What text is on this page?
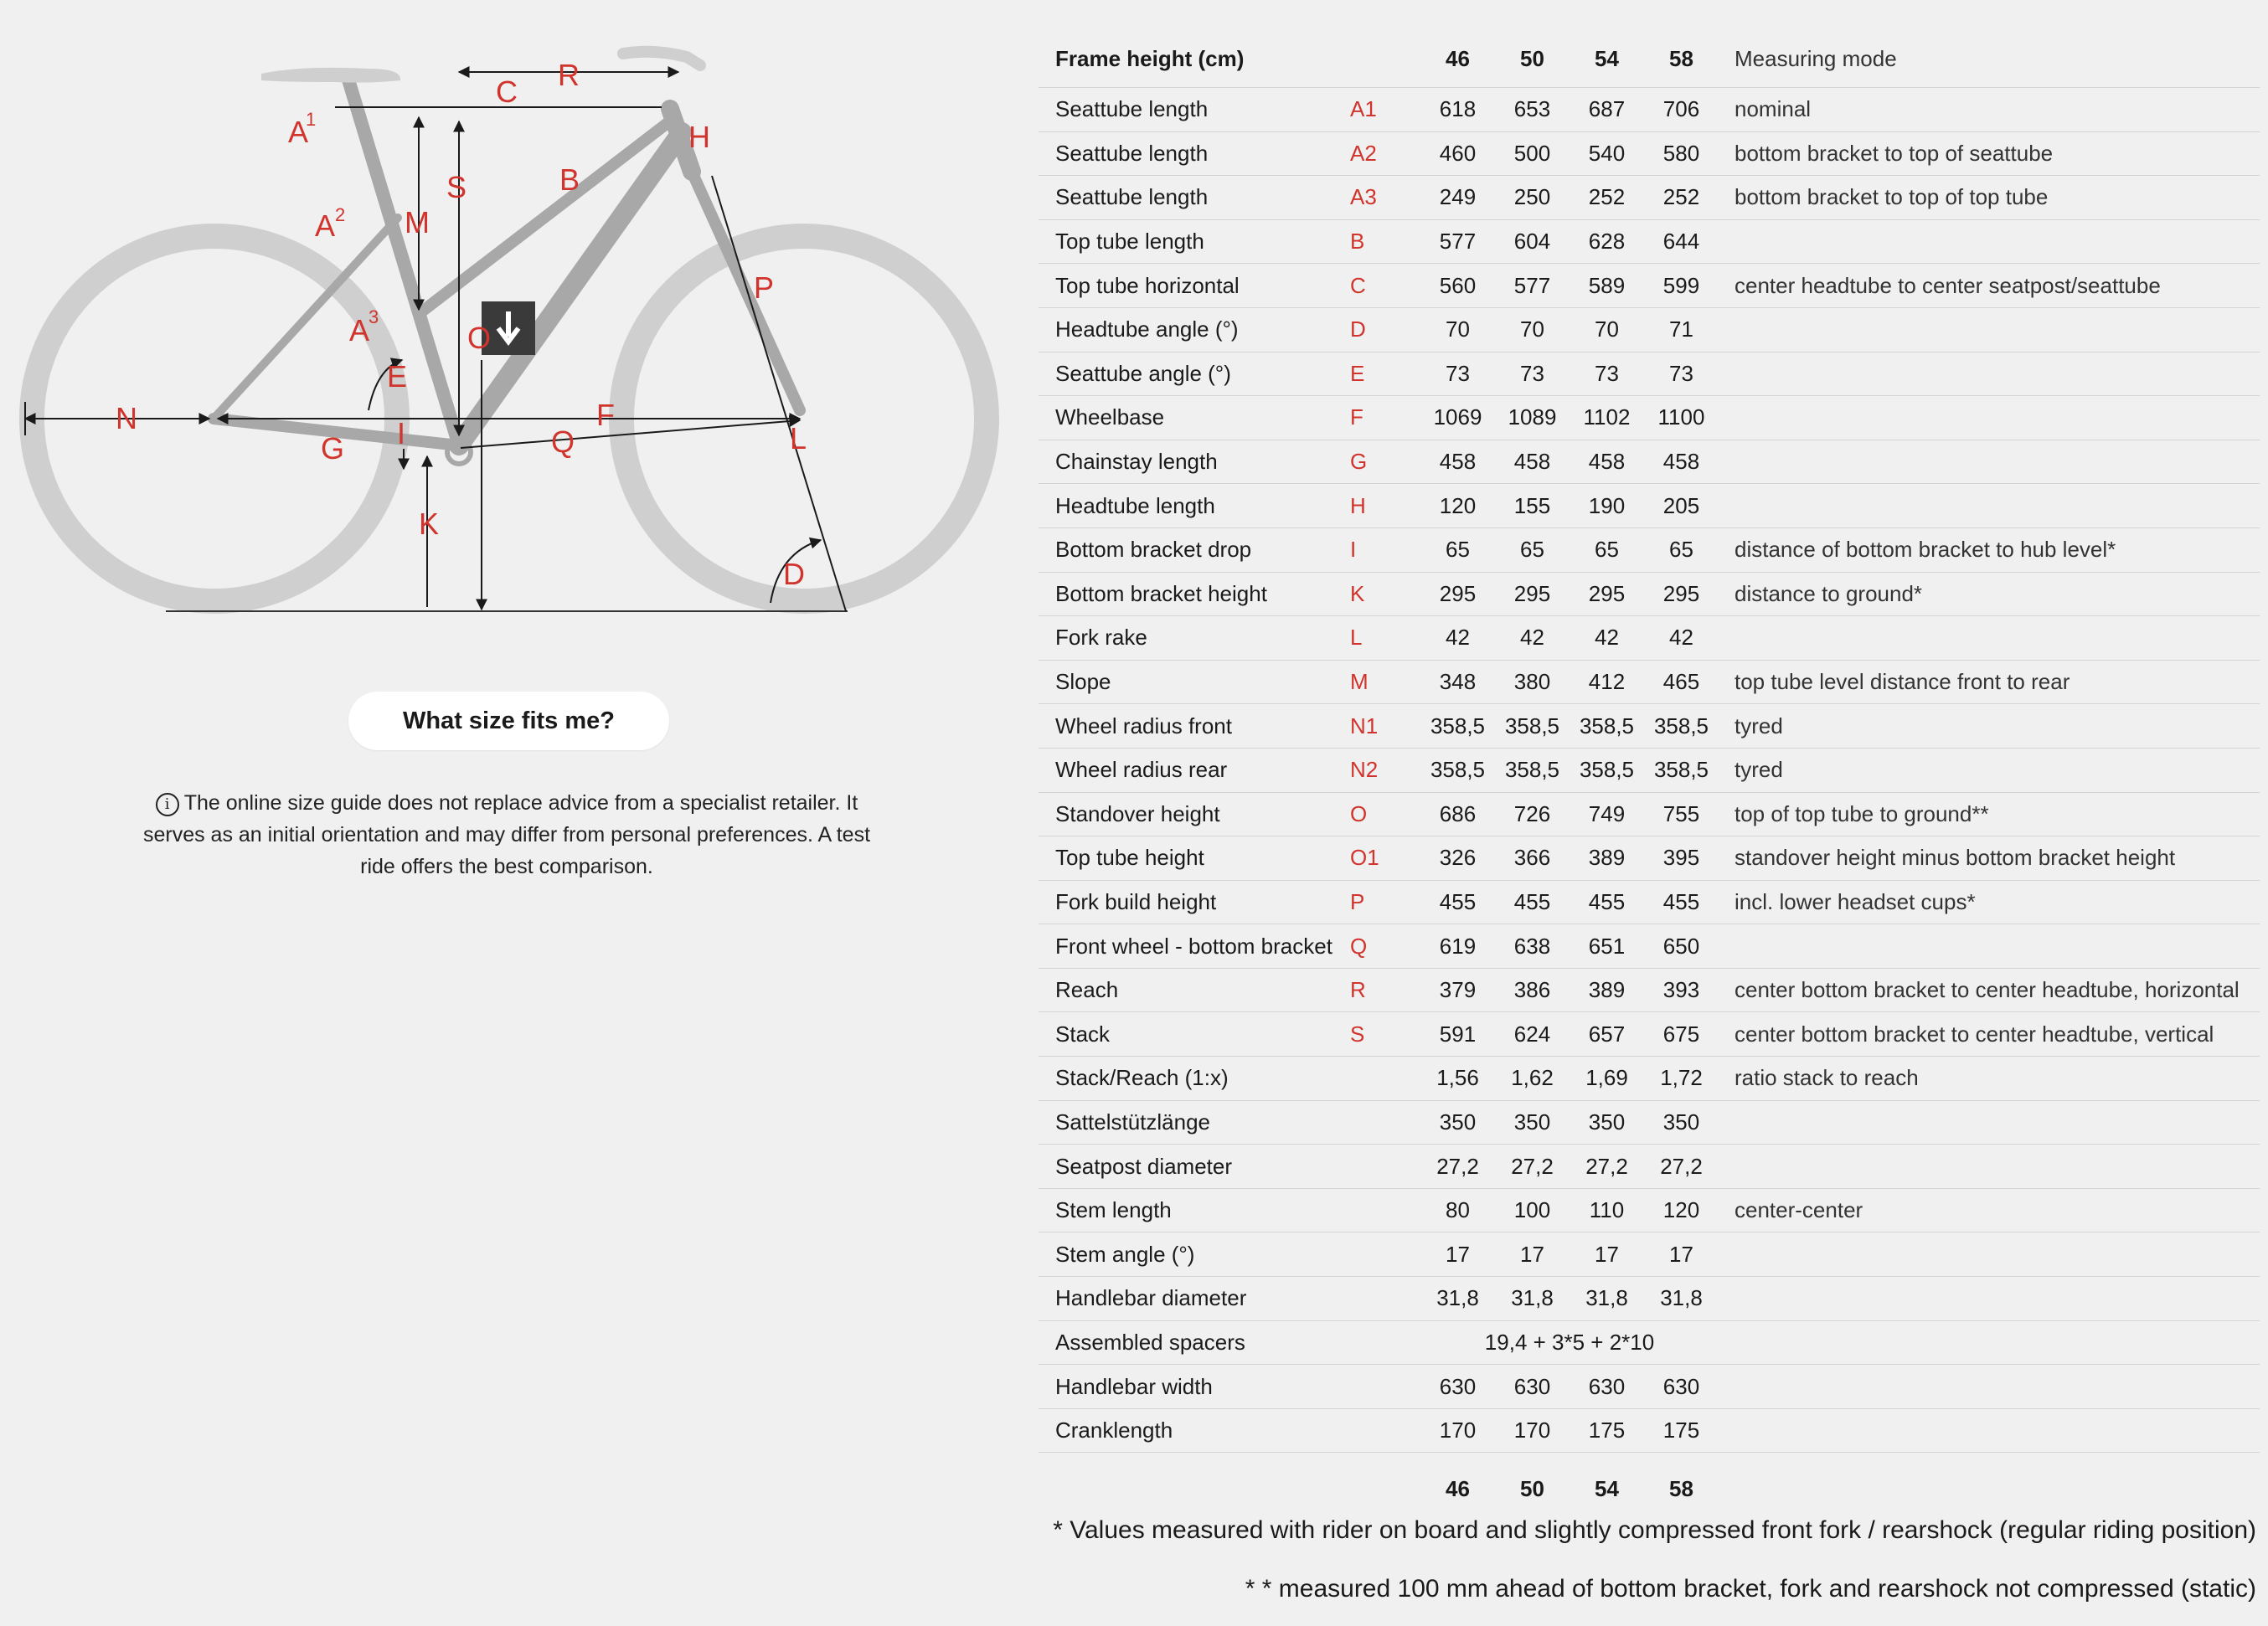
A
1
A 2
A
3
B
C
D
E
F
G
H
I
K
L
M
N
O
P
Q
R
S
What size fits me?
i The online size guide does not replace advice from a specialist retailer. It serves as an initial orientation and may differ from personal preferences. A test ride offers the best comparison.
Frame height (cm)		46	50	54	58	Measuring mode
Seattube length	A1	618	653	687	706	nominal
Seattube length	A2	460	500	540	580	bottom bracket to top of seattube
Seattube length	A3	249	250	252	252	bottom bracket to top of top tube
Top tube length	B	577	604	628	644	
Top tube horizontal	C	560	577	589	599	center headtube to center seatpost/seattube
Headtube angle (°)	D	70	70	70	71	
Seattube angle (°)	E	73	73	73	73	
Wheelbase	F	1069	1089	1102	1100	
Chainstay length	G	458	458	458	458	
Headtube length	H	120	155	190	205	
Bottom bracket drop	I	65	65	65	65	distance of bottom bracket to hub level*
Bottom bracket height	K	295	295	295	295	distance to ground*
Fork rake	L	42	42	42	42	
Slope	M	348	380	412	465	top tube level distance front to rear
Wheel radius front	N1	358,5	358,5	358,5	358,5	tyred
Wheel radius rear	N2	358,5	358,5	358,5	358,5	tyred
Standover height	O	686	726	749	755	top of top tube to ground**
Top tube height	O1	326	366	389	395	standover height minus bottom bracket height
Fork build height	P	455	455	455	455	incl. lower headset cups*
Front wheel - bottom bracket	Q	619	638	651	650	
Reach	R	379	386	389	393	center bottom bracket to center headtube, horizontal
Stack	S	591	624	657	675	center bottom bracket to center headtube, vertical
Stack/Reach (1:x)		1,56	1,62	1,69	1,72	ratio stack to reach
Sattelstützlänge		350	350	350	350	
Seatpost diameter		27,2	27,2	27,2	27,2	
Stem length		80	100	110	120	center-center
Stem angle (°)		17	17	17	17	
Handlebar diameter		31,8	31,8	31,8	31,8	
Assembled spacers		19,4 + 3*5 + 2*10				
Handlebar width		630	630	630	630	
Cranklength		170	170	175	175	
		46	50	54	58	
* Values measured with rider on board and slightly compressed front fork / rearshock (regular riding position)
* * measured 100 mm ahead of bottom bracket, fork and rearshock not compressed (static)
